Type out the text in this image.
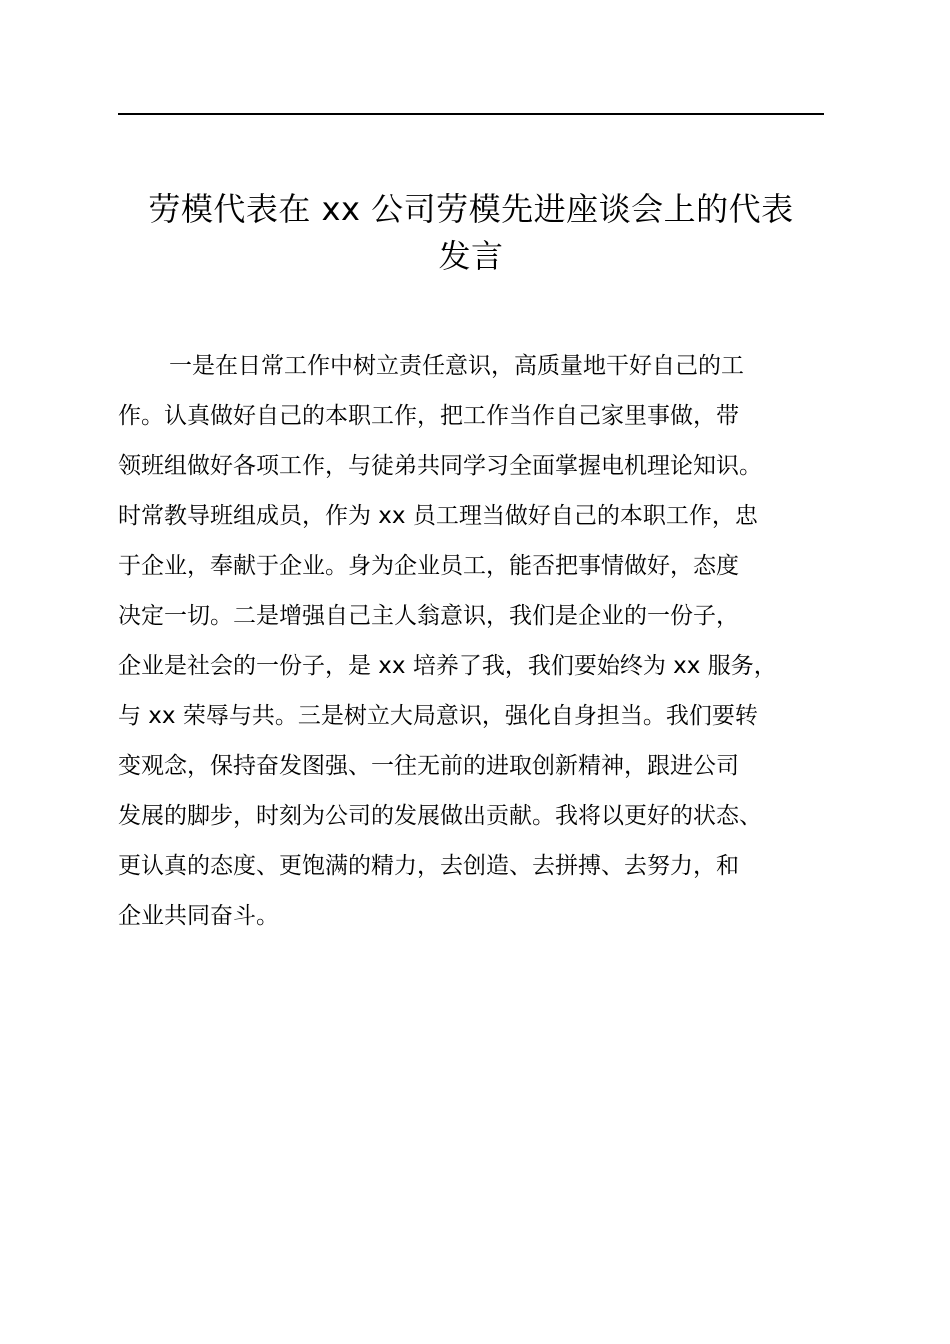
劳模代表在 xx 公司劳模先进座谈会上的代表
发言
一是在日常工作中树立责任意识，高质量地干好自己的工
作。认真做好自己的本职工作，把工作当作自己家里事做，带
领班组做好各项工作，与徒弟共同学习全面掌握电机理论知识。
时常教导班组成员，作为 xx 员工理当做好自己的本职工作，忠
于企业，奉献于企业。身为企业员工，能否把事情做好，态度
决定一切。二是增强自己主人翁意识，我们是企业的一份子，
企业是社会的一份子，是 xx 培养了我，我们要始终为 xx 服务，
与 xx 荣辱与共。三是树立大局意识，强化自身担当。我们要转
变观念，保持奋发图强、一往无前的进取创新精神，跟进公司
发展的脚步，时刻为公司的发展做出贡献。我将以更好的状态、
更认真的态度、更饱满的精力，去创造、去拼搏、去努力，和
企业共同奋斗。
